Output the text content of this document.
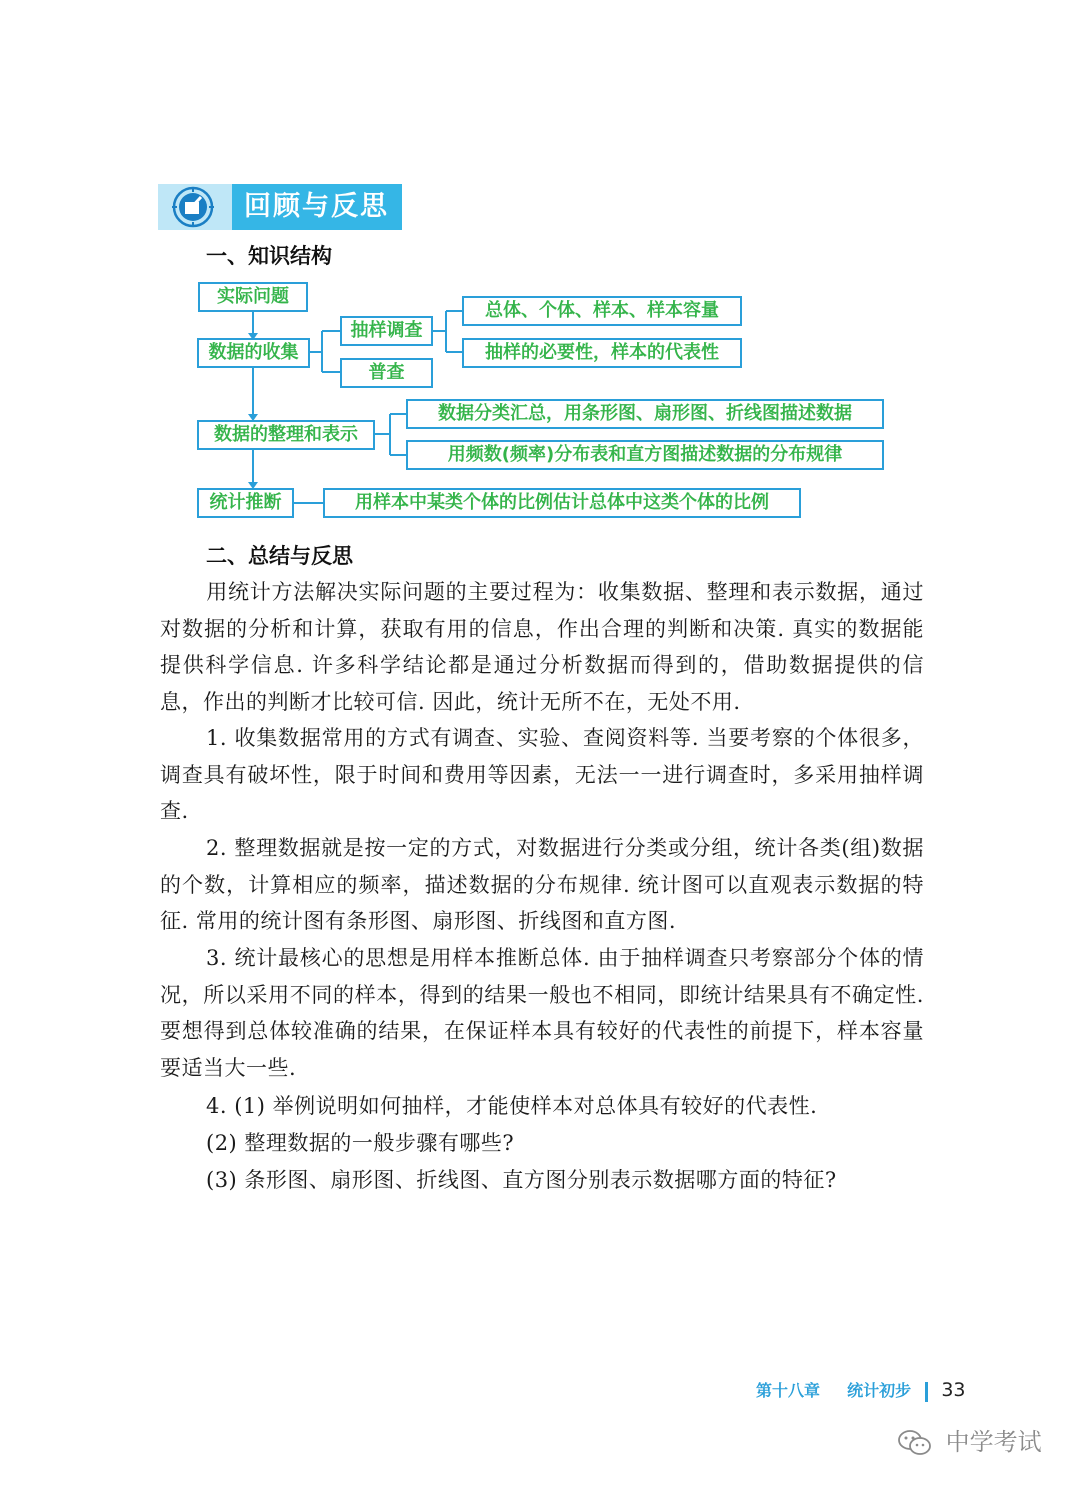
回顾与反思
一、知识结构
实际问题
数据的收集
抽样调查
普查
总体、个体、样本、样本容量
抽样的必要性，样本的代表性
数据的整理和表示
数据分类汇总，用条形图、扇形图、折线图描述数据
用频数(频率)分布表和直方图描述数据的分布规律
统计推断	用样本中某类个体的比例估计总体中这类个体的比例
二、总结与反思

用统计方法解决实际问题的主要过程为：收集数据、整理和表示数据，通过对数据的分析和计算，获取有用的信息，作出合理的判断和决策. 真实的数据能提供科学信息. 许多科学结论都是通过分析数据而得到的，借助数据提供的信息，作出的判断才比较可信. 因此，统计无所不在，无处不用.

1. 收集数据常用的方式有调查、实验、查阅资料等. 当要考察的个体很多，调查具有破坏性，限于时间和费用等因素，无法一一进行调查时，多采用抽样调查.

2. 整理数据就是按一定的方式，对数据进行分类或分组，统计各类(组)数据的个数，计算相应的频率，描述数据的分布规律. 统计图可以直观表示数据的特征. 常用的统计图有条形图、扇形图、折线图和直方图.

3. 统计最核心的思想是用样本推断总体. 由于抽样调查只考察部分个体的情况，所以采用不同的样本，得到的结果一般也不相同，即统计结果具有不确定性. 要想得到总体较准确的结果，在保证样本具有较好的代表性的前提下，样本容量要适当大一些.

4. (1) 举例说明如何抽样，才能使样本对总体具有较好的代表性.
(2) 整理数据的一般步骤有哪些?
(3) 条形图、扇形图、折线图、直方图分别表示数据哪方面的特征?
第十八章 统计初步 33
中学考试
